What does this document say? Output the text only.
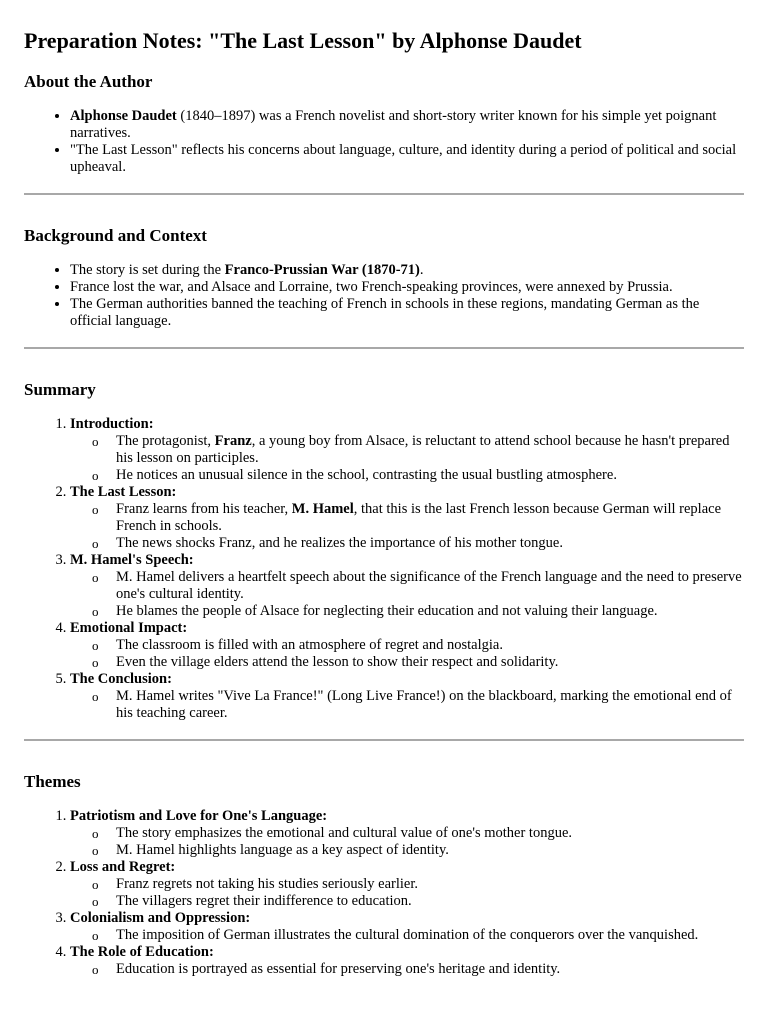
Preparation Notes: "The Last Lesson" by Alphonse Daudet
About the Author
• Alphonse Daudet (1840–1897) was a French novelist and short-story writer known for his simple yet poignant narratives.
• "The Last Lesson" reflects his concerns about language, culture, and identity during a period of political and social upheaval.
Background and Context
• The story is set during the Franco-Prussian War (1870-71).
• France lost the war, and Alsace and Lorraine, two French-speaking provinces, were annexed by Prussia.
• The German authorities banned the teaching of French in schools in these regions, mandating German as the official language.
Summary
1. Introduction:
o The protagonist, Franz, a young boy from Alsace, is reluctant to attend school because he hasn't prepared his lesson on participles.
o He notices an unusual silence in the school, contrasting the usual bustling atmosphere.
2. The Last Lesson:
o Franz learns from his teacher, M. Hamel, that this is the last French lesson because German will replace French in schools.
o The news shocks Franz, and he realizes the importance of his mother tongue.
3. M. Hamel's Speech:
o M. Hamel delivers a heartfelt speech about the significance of the French language and the need to preserve one's cultural identity.
o He blames the people of Alsace for neglecting their education and not valuing their language.
4. Emotional Impact:
o The classroom is filled with an atmosphere of regret and nostalgia.
o Even the village elders attend the lesson to show their respect and solidarity.
5. The Conclusion:
o M. Hamel writes "Vive La France!" (Long Live France!) on the blackboard, marking the emotional end of his teaching career.
Themes
1. Patriotism and Love for One's Language:
o The story emphasizes the emotional and cultural value of one's mother tongue.
o M. Hamel highlights language as a key aspect of identity.
2. Loss and Regret:
o Franz regrets not taking his studies seriously earlier.
o The villagers regret their indifference to education.
3. Colonialism and Oppression:
o The imposition of German illustrates the cultural domination of the conquerors over the vanquished.
4. The Role of Education:
o Education is portrayed as essential for preserving one's heritage and identity.
